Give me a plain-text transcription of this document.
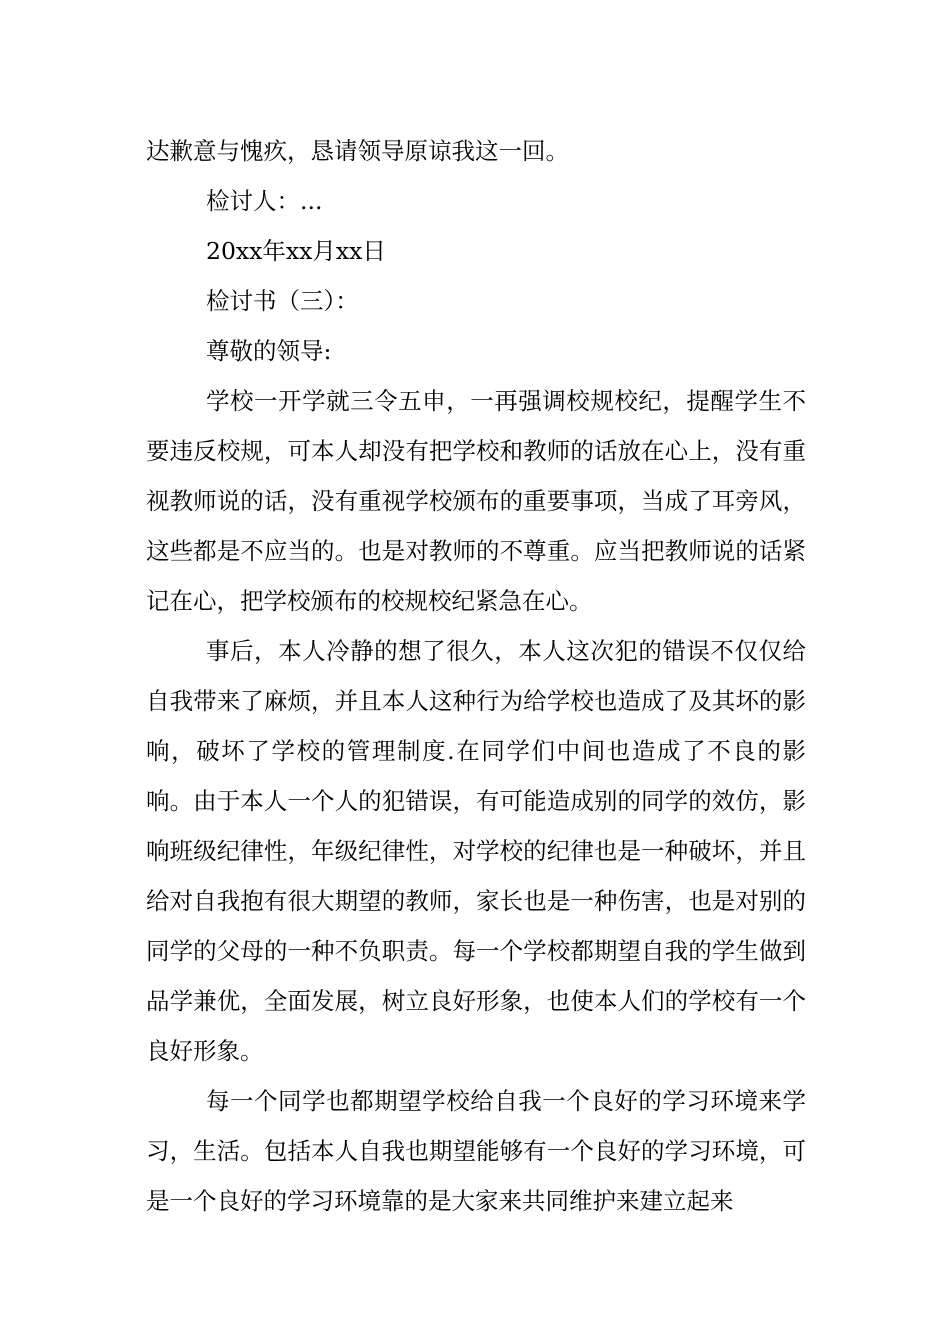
达歉意与愧疚，恳请领导原谅我这一回。
检讨人：...
20xx年xx月xx日
检讨书（三）：
尊敬的领导:

学校一开学就三令五申，一再强调校规校纪，提醒学生不要违反校规，可本人却没有把学校和教师的话放在心上，没有重视教师说的话，没有重视学校颁布的重要事项，当成了耳旁风，这些都是不应当的。也是对教师的不尊重。应当把教师说的话紧记在心，把学校颁布的校规校纪紧急在心。

事后，本人冷静的想了很久，本人这次犯的错误不仅仅给自我带来了麻烦，并且本人这种行为给学校也造成了及其坏的影响，破坏了学校的管理制度.在同学们中间也造成了不良的影响。由于本人一个人的犯错误，有可能造成别的同学的效仿，影响班级纪律性，年级纪律性，对学校的纪律也是一种破坏，并且给对自我抱有很大期望的教师，家长也是一种伤害，也是对别的同学的父母的一种不负职责。每一个学校都期望自我的学生做到品学兼优，全面发展，树立良好形象，也使本人们的学校有一个良好形象。

每一个同学也都期望学校给自我一个良好的学习环境来学习，生活。包括本人自我也期望能够有一个良好的学习环境，可是一个良好的学习环境靠的是大家来共同维护来建立起来
